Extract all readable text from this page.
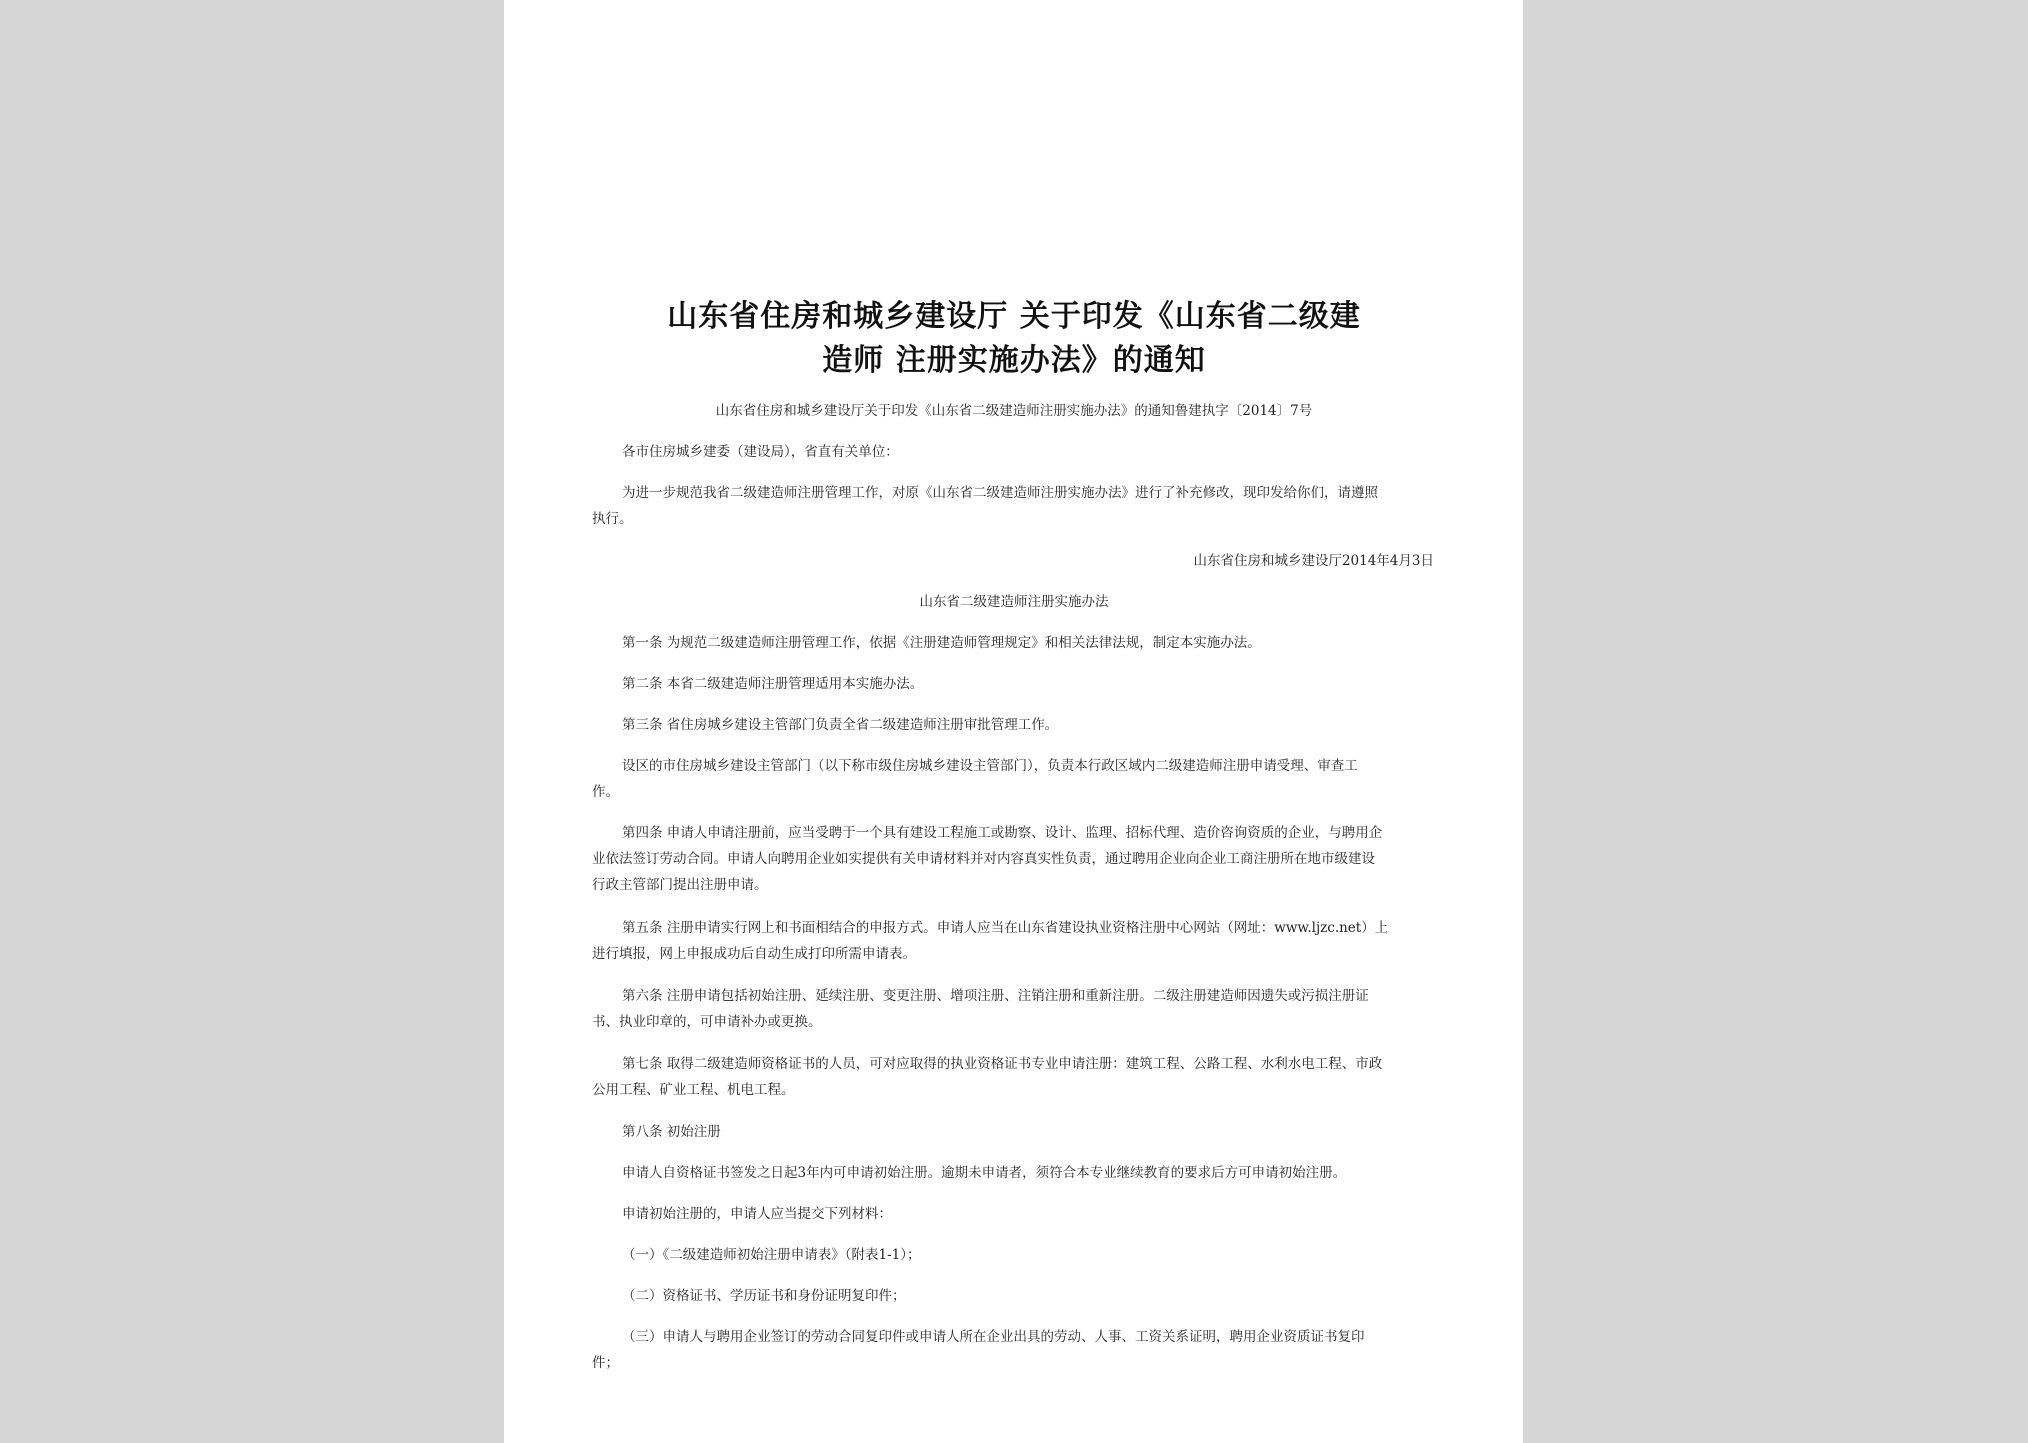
山东省住房和城乡建设厅 关于印发《山东省二级建
造师 注册实施办法》的通知
山东省住房和城乡建设厅关于印发《山东省二级建造师注册实施办法》的通知鲁建执字〔2014〕7号
各市住房城乡建委（建设局），省直有关单位：
为进一步规范我省二级建造师注册管理工作，对原《山东省二级建造师注册实施办法》进行了补充修改，现印发给你们，请遵照
执行。
山东省住房和城乡建设厅2014年4月3日
山东省二级建造师注册实施办法
第一条 为规范二级建造师注册管理工作，依据《注册建造师管理规定》和相关法律法规，制定本实施办法。
第二条 本省二级建造师注册管理适用本实施办法。
第三条 省住房城乡建设主管部门负责全省二级建造师注册审批管理工作。
设区的市住房城乡建设主管部门（以下称市级住房城乡建设主管部门），负责本行政区域内二级建造师注册申请受理、审查工
作。
第四条 申请人申请注册前，应当受聘于一个具有建设工程施工或勘察、设计、监理、招标代理、造价咨询资质的企业，与聘用企
业依法签订劳动合同。申请人向聘用企业如实提供有关申请材料并对内容真实性负责，通过聘用企业向企业工商注册所在地市级建设
行政主管部门提出注册申请。
第五条 注册申请实行网上和书面相结合的申报方式。申请人应当在山东省建设执业资格注册中心网站（网址：www.ljzc.net）上
进行填报，网上申报成功后自动生成打印所需申请表。
第六条 注册申请包括初始注册、延续注册、变更注册、增项注册、注销注册和重新注册。二级注册建造师因遗失或污损注册证
书、执业印章的，可申请补办或更换。
第七条 取得二级建造师资格证书的人员，可对应取得的执业资格证书专业申请注册：建筑工程、公路工程、水利水电工程、市政
公用工程、矿业工程、机电工程。
第八条 初始注册
申请人自资格证书签发之日起3年内可申请初始注册。逾期未申请者，须符合本专业继续教育的要求后方可申请初始注册。
申请初始注册的，申请人应当提交下列材料：
（一）《二级建造师初始注册申请表》（附表1-1）；
（二）资格证书、学历证书和身份证明复印件；
（三）申请人与聘用企业签订的劳动合同复印件或申请人所在企业出具的劳动、人事、工资关系证明，聘用企业资质证书复印
件；
